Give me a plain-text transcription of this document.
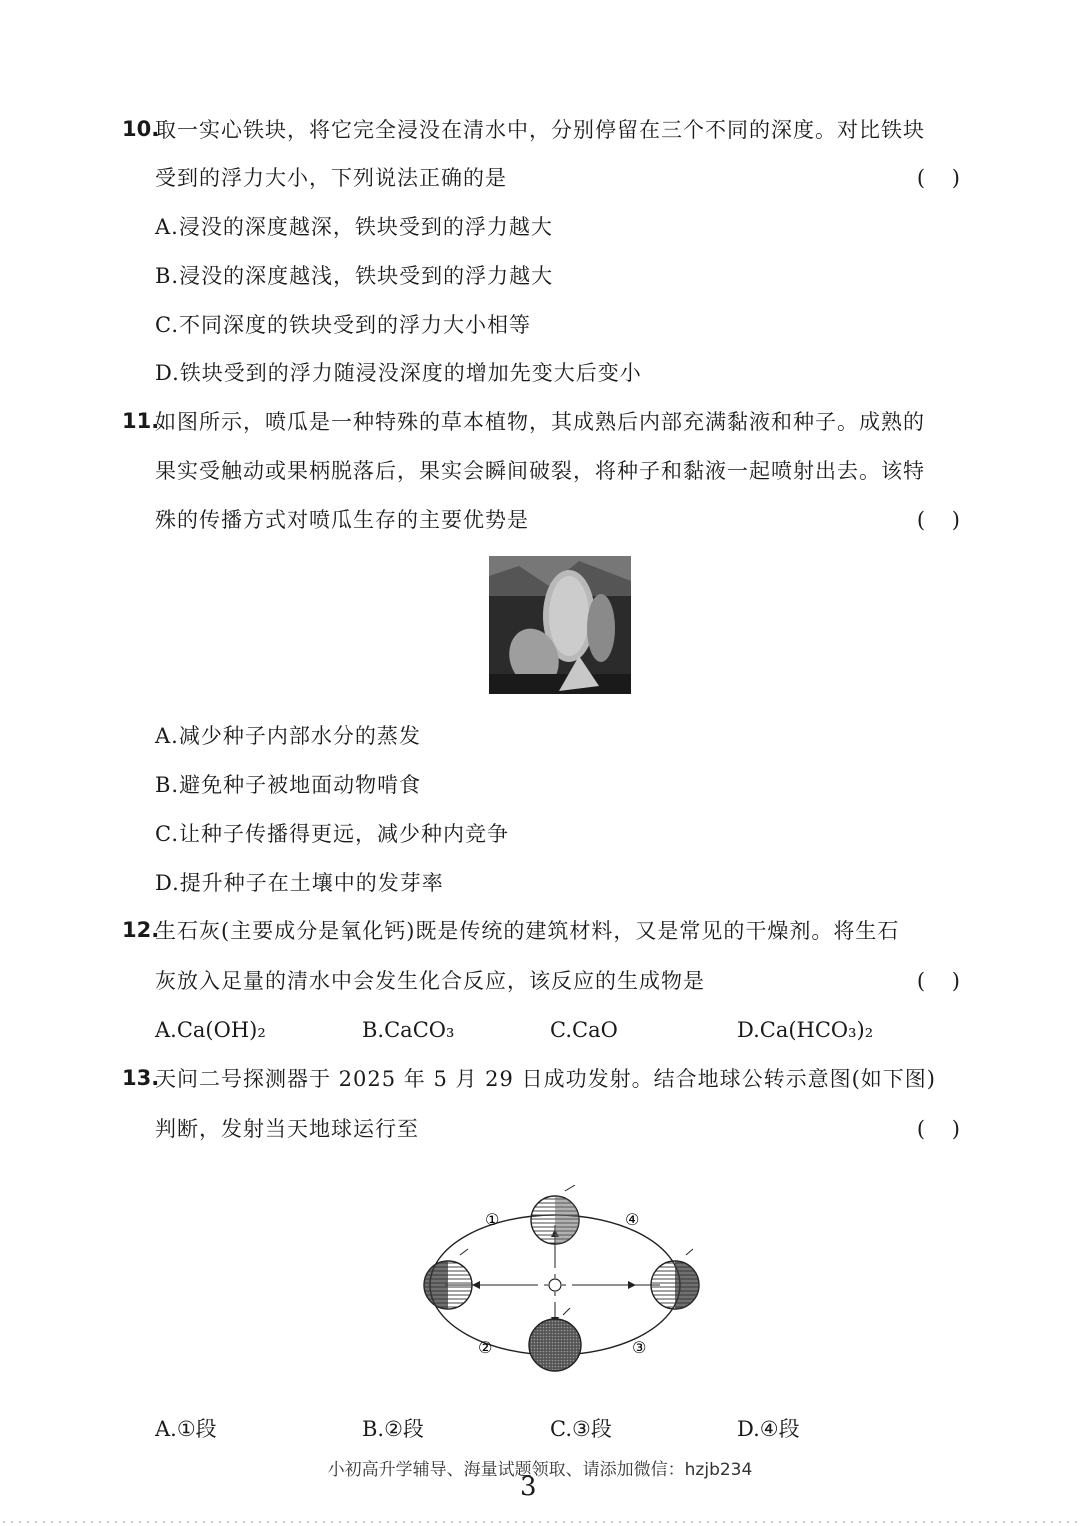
10.
取一实心铁块，将它完全浸没在清水中，分别停留在三个不同的深度。对比铁块
受到的浮力大小，下列说法正确的是	(    )
A.浸没的深度越深，铁块受到的浮力越大
B.浸没的深度越浅，铁块受到的浮力越大
C.不同深度的铁块受到的浮力大小相等
D.铁块受到的浮力随浸没深度的增加先变大后变小
11.
如图所示，喷瓜是一种特殊的草本植物，其成熟后内部充满黏液和种子。成熟的
果实受触动或果柄脱落后，果实会瞬间破裂，将种子和黏液一起喷射出去。该特
殊的传播方式对喷瓜生存的主要优势是	(    )
A.减少种子内部水分的蒸发
B.避免种子被地面动物啃食
C.让种子传播得更远，减少种内竞争
D.提升种子在土壤中的发芽率
12.
生石灰(主要成分是氧化钙)既是传统的建筑材料，又是常见的干燥剂。将生石
灰放入足量的清水中会发生化合反应，该反应的生成物是	(    )
A.Ca(OH)₂	B.CaCO₃	C.CaO	D.Ca(HCO₃)₂
13.
天问二号探测器于 2025 年 5 月 29 日成功发射。结合地球公转示意图(如下图)
判断，发射当天地球运行至	(    )
①	④
②	③
A.①段	B.②段	C.③段	D.④段
小初高升学辅导、海量试题领取、请添加微信：hzjb234
3
